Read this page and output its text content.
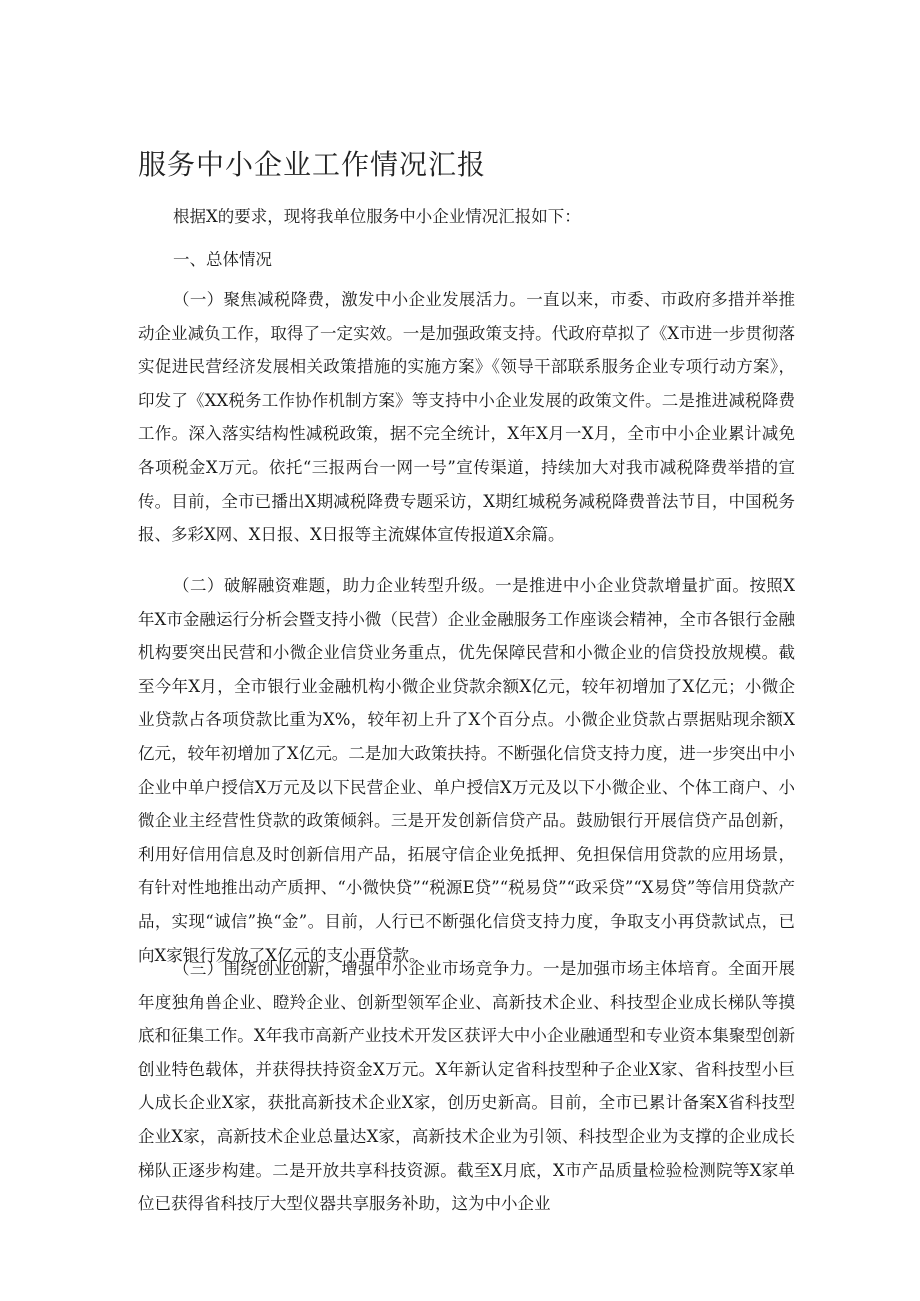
服务中小企业工作情况汇报

根据X的要求，现将我单位服务中小企业情况汇报如下：

一、总体情况

（一）聚焦减税降费，激发中小企业发展活力。一直以来，市委、市政府多措并举推动企业减负工作，取得了一定实效。一是加强政策支持。代政府草拟了《X市进一步贯彻落实促进民营经济发展相关政策措施的实施方案》《领导干部联系服务企业专项行动方案》，印发了《XX税务工作协作机制方案》等支持中小企业发展的政策文件。二是推进减税降费工作。深入落实结构性减税政策，据不完全统计，X年X月一X月，全市中小企业累计减免各项税金X万元。依托“三报两台一网一号”宣传渠道，持续加大对我市减税降费举措的宣传。目前，全市已播出X期减税降费专题采访，X期红城税务减税降费普法节目，中国税务报、多彩X网、X日报、X日报等主流媒体宣传报道X余篇。

（二）破解融资难题，助力企业转型升级。一是推进中小企业贷款增量扩面。按照X年X市金融运行分析会暨支持小微（民营）企业金融服务工作座谈会精神，全市各银行金融机构要突出民营和小微企业信贷业务重点，优先保障民营和小微企业的信贷投放规模。截至今年X月，全市银行业金融机构小微企业贷款余额X亿元，较年初增加了X亿元；小微企业贷款占各项贷款比重为X%，较年初上升了X个百分点。小微企业贷款占票据贴现余额X亿元，较年初增加了X亿元。二是加大政策扶持。不断强化信贷支持力度，进一步突出中小企业中单户授信X万元及以下民营企业、单户授信X万元及以下小微企业、个体工商户、小微企业主经营性贷款的政策倾斜。三是开发创新信贷产品。鼓励银行开展信贷产品创新，利用好信用信息及时创新信用产品，拓展守信企业免抵押、免担保信用贷款的应用场景，有针对性地推出动产质押、“小微快贷”“税源E贷”“税易贷”“政采贷”“X易贷”等信用贷款产品，实现“诚信”换“金”。目前，人行已不断强化信贷支持力度，争取支小再贷款试点，已向X家银行发放了X亿元的支小再贷款。

（三）围绕创业创新，增强中小企业市场竞争力。一是加强市场主体培育。全面开展年度独角兽企业、瞪羚企业、创新型领军企业、高新技术企业、科技型企业成长梯队等摸底和征集工作。X年我市高新产业技术开发区获评大中小企业融通型和专业资本集聚型创新创业特色载体，并获得扶持资金X万元。X年新认定省科技型种子企业X家、省科技型小巨人成长企业X家，获批高新技术企业X家，创历史新高。目前，全市已累计备案X省科技型企业X家，高新技术企业总量达X家，高新技术企业为引领、科技型企业为支撑的企业成长梯队正逐步构建。二是开放共享科技资源。截至X月底，X市产品质量检验检测院等X家单位已获得省科技厅大型仪器共享服务补助，这为中小企业
